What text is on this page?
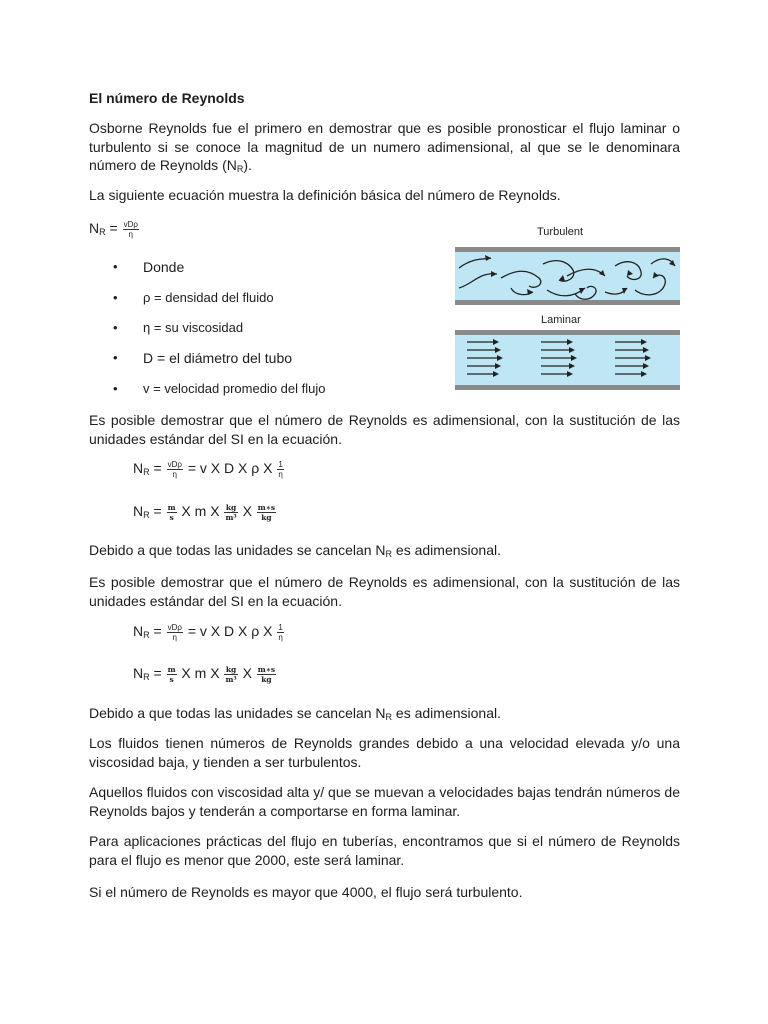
El número de Reynolds

Osborne Reynolds fue el primero en demostrar que es posible pronosticar el flujo laminar o turbulento si se conoce la magnitud de un numero adimensional, al que se le denominara número de Reynolds $(N_R)$.

La siguiente ecuación muestra la definición básica del número de Reynolds.

$N_R = \frac{\text{vDρ}}{\eta}$
• Donde
• ρ = densidad del fluido
• η = su viscosidad
• D = el diámetro del tubo
• v = velocidad promedio del flujo

Es posible demostrar que el número de Reynolds es adimensional, con la sustitución de las unidades estándar del SI en la ecuación.

$N_R = \frac{\text{vDρ}}{\eta} = v$ X D X ρ X $\frac{1}{\eta}$
$N_R = \frac{m}{s}$ X m X $\frac{kg}{\text{m³}}$ X $\frac{m∗s}{kg}$

Debido a que todas las unidades se cancelan $N_R$ es adimensional.

Es posible demostrar que el número de Reynolds es adimensional, con la sustitución de las unidades estándar del SI en la ecuación.

$N_R = \frac{\text{vDρ}}{\eta} = v$ X D X ρ X $\frac{1}{\eta}$
$N_R = \frac{m}{s}$ X m X $\frac{kg}{\text{m³}}$ X $\frac{m∗s}{kg}$

Debido a que todas las unidades se cancelan $N_R$ es adimensional.

Los fluidos tienen números de Reynolds grandes debido a una velocidad elevada y/o una viscosidad baja, y tienden a ser turbulentos.

Aquellos fluidos con viscosidad alta y/ que se muevan a velocidades bajas tendrán números de Reynolds bajos y tenderán a comportarse en forma laminar.

Para aplicaciones prácticas del flujo en tuberías, encontramos que si el número de Reynolds para el flujo es menor que 2000, este será laminar.

Si el número de Reynolds es mayor que 4000, el flujo será turbulento.

Turbulent
Laminar
